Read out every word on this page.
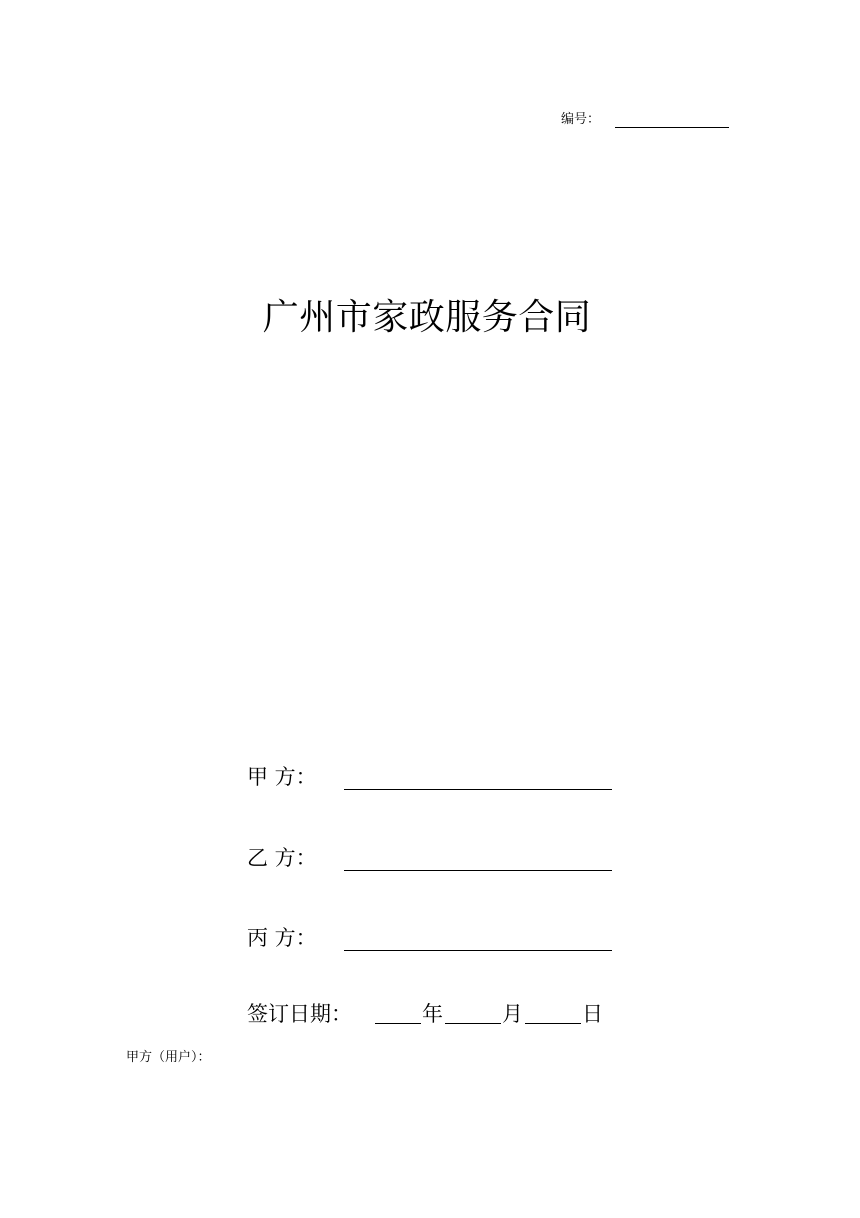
编号：
广州市家政服务合同
甲 方：
乙 方：
丙 方：
签订日期：	年	月	日
甲方（用户）：
